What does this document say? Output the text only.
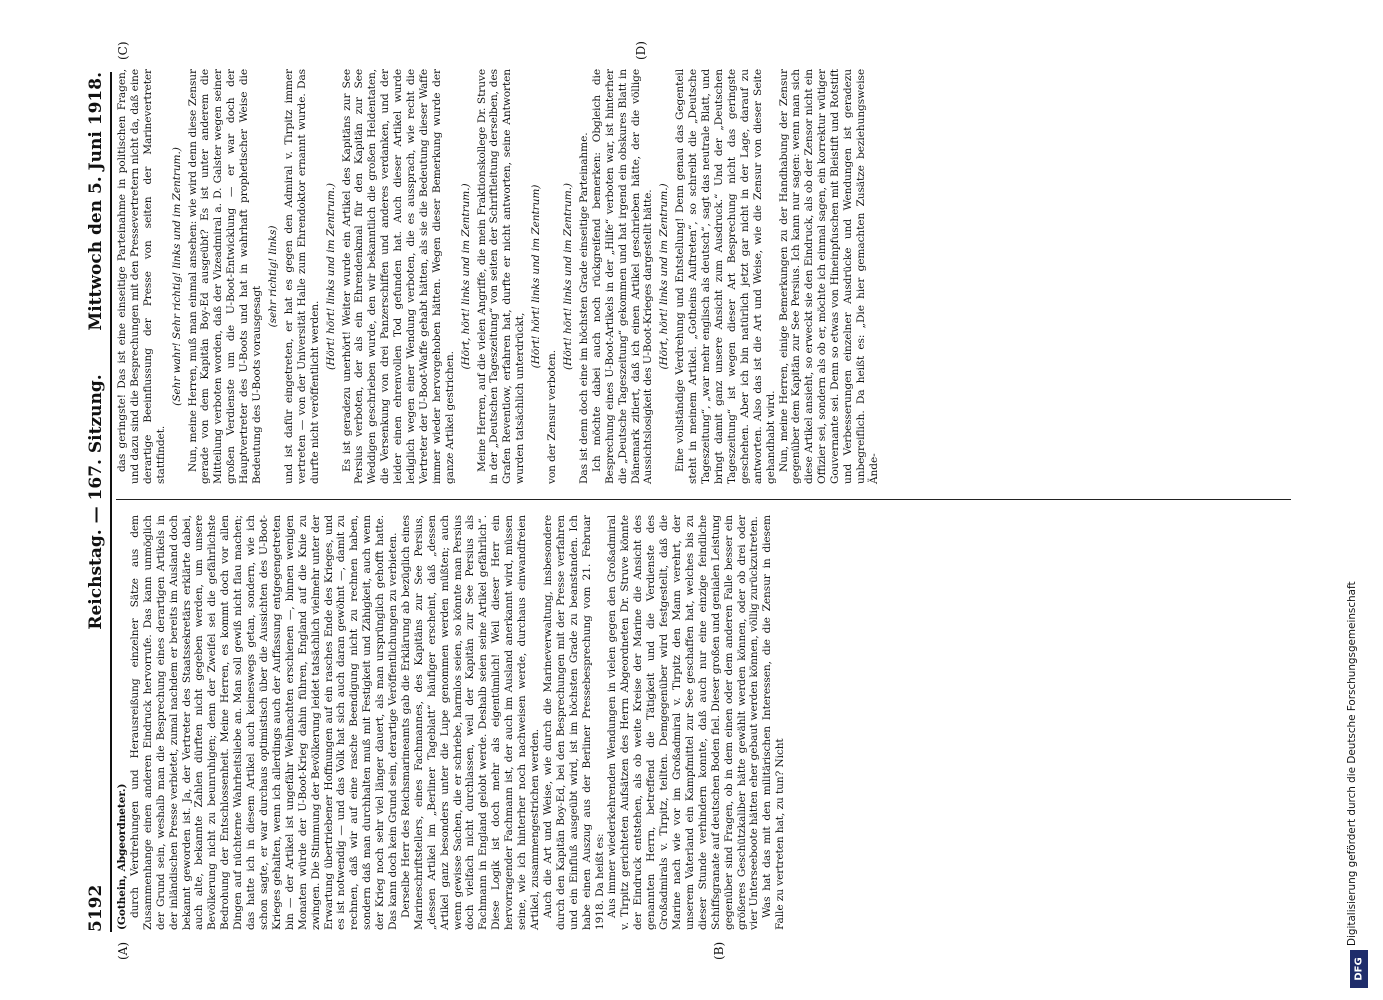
5192
Reichstag. — 167. Sitzung.
Mittwoch den 5. Juni 1918.
(A)	(B)
(C)	(D)

(Gothein, Abgeordneter.) durch Verdrehungen und Herausreißung einzelner Sätze aus dem Zusammenhange einen anderen Eindruck hervorrufe. Das kann unmöglich der Grund sein, weshalb man die Besprechung eines derartigen Artikels in der inländischen Presse verbietet, zumal nachdem er bereits im Ausland doch bekannt geworden ist. Ja, der Vertreter des Staatssekretärs erklärte dabei, auch alte, bekannte Zahlen dürften nicht gegeben werden, um unsere Bevölkerung nicht zu beunruhigen; denn der Zweifel sei die gefährlichste Bedrohung der Entschlossenheit. Meine Herren, es kommt doch vor allen Dingen auf nüchterne Wahrheitsliebe an. Man soll gewiß nicht flau machen; das hatte ich in diesem Artikel auch keineswegs getan, sondern, wie ich schon sagte, er war durchaus optimistisch über die Aussichten des U-Boot-Krieges gehalten, wenn ich allerdings auch der Auffassung entgegengetreten bin — der Artikel ist ungefähr Weihnachten erschienen —, binnen wenigen Monaten würde der U-Boot-Krieg dahin führen, England auf die Knie zu zwingen. Die Stimmung der Bevölkerung leidet tatsächlich vielmehr unter der Erwartung übertriebener Hoffnungen auf ein rasches Ende des Krieges, und es ist notwendig — und das Volk hat sich auch daran gewöhnt —, damit zu rechnen, daß wir auf eine rasche Beendigung nicht zu rechnen haben, sondern daß man durchhalten muß mit Festigkeit und Zähigkeit, auch wenn der Krieg noch sehr viel länger dauert, als man ursprünglich gehofft hatte. Das kann doch kein Grund sein, derartige Veröffentlichungen zu verbieten. Derselbe Herr des Reichsmarineamts gab die Erklärung ab bezüglich eines Marineschriftstellers, eines Fachmannes, des Kapitäns zur See Persius, „dessen Artikel im „Berliner Tageblatt“ häufiger erscheint, daß „dessen Artikel ganz besonders unter die Lupe genommen werden müßten; auch wenn gewisse Sachen, die er schriebe, harmlos seien, so könnte man Persius doch vielfach nicht durchlassen, weil der Kapitän zur See Persius als Fachmann in England gelobt werde. Deshalb seien seine Artikel gefährlich“. Diese Logik ist doch mehr als eigentümlich! Weil dieser Herr ein hervorragender Fachmann ist, der auch im Ausland anerkannt wird, müssen seine, wie ich hinterher noch nachweisen werde, durchaus einwandfreien Artikel, zusammengestrichen werden. Auch die Art und Weise, wie durch die Marineverwaltung, insbesondere durch den Kapitän Boy-Ed, bei den Besprechungen mit der Presse verfahren und ein Einfluß ausgeübt wird, ist im höchsten Grade zu beanstanden. Ich habe einen Auszug aus der Berliner Pressebesprechung vom 21. Februar 1918. Da heißt es: Aus immer wiederkehrenden Wendungen in vielen gegen den Großadmiral v. Tirpitz gerichteten Aufsätzen des Herrn Abgeordneten Dr. Struve könnte der Eindruck entstehen, als ob weite Kreise der Marine die Ansicht des genannten Herrn, betreffend die Tätigkeit und die Verdienste des Großadmirals v. Tirpitz, teilten. Demgegenüber wird festgestellt, daß die Marine nach wie vor im Großadmiral v. Tirpitz den Mann verehrt, der unserem Vaterland ein Kampfmittel zur See geschaffen hat, welches bis zu dieser Stunde verhindern konnte, daß auch nur eine einzige feindliche Schiffsgranate auf deutschen Boden fiel. Dieser großen und genialen Leistung gegenüber sind Fragen, ob in dem einen oder dem anderen Falle besser ein größeres Geschützkaliber hätte gewählt werden können, oder ob drei oder vier Unterseeboote hätten eher gebaut werden können, völlig zurückzutreten. Was hat das mit den militärischen Interessen, die die Zensur in diesem Falle zu vertreten hat, zu tun? Nicht

das geringste! Das ist eine einseitige Parteinahme in politischen Fragen, und dazu sind die Besprechungen mit den Pressevertretern nicht da, daß eine derartige Beeinflussung der Presse von seiten der Marinevertreter stattfindet.

(Sehr wahr! Sehr richtig! links und im Zentrum.) Nun, meine Herren, muß man einmal ansehen: wie wird denn diese Zensur gerade von dem Kapitän Boy-Ed ausgeübt? Es ist unter anderem die Mitteilung verboten worden, daß der Vizeadmiral a. D. Galster wegen seiner großen Verdienste um die U-Boot-Entwicklung — er war doch der Hauptvertreter des U-Boots und hat in wahrhaft prophetischer Weise die Bedeutung des U-Boots vorausgesagt

(sehr richtig! links) und ist dafür eingetreten, er hat es gegen den Admiral v. Tirpitz immer vertreten — von der Universität Halle zum Ehrendoktor ernannt wurde. Das durfte nicht veröffentlicht werden.

(Hört! hört! links und im Zentrum.) Es ist geradezu unerhört! Weiter wurde ein Artikel des Kapitäns zur See Persius verboten, der als ein Ehrendenkmal für den Kapitän zur See Weddigen geschrieben wurde, den wir bekanntlich die großen Heldentaten, die Versenkung von drei Panzerschiffen und anderes verdanken, und der leider einen ehrenvollen Tod gefunden hat. Auch dieser Artikel wurde lediglich wegen einer Wendung verboten, die es aussprach, wie recht die Vertreter der U-Boot-Waffe gehabt hätten, als sie die Bedeutung dieser Waffe immer wieder hervorgehoben hätten. Wegen dieser Bemerkung wurde der ganze Artikel gestrichen.

(Hört, hört! links und im Zentrum.) Meine Herren, auf die vielen Angriffe, die mein Fraktionskollege Dr. Struve in der „Deutschen Tageszeitung“ von seiten der Schriftleitung derselben, des Grafen Reventlow, erfahren hat, durfte er nicht antworten, seine Antworten wurden tatsächlich unterdrückt,

(Hört! hört! links und im Zentrum)

von der Zensur verboten.

(Hört! hört! links und im Zentrum.) Das ist denn doch eine im höchsten Grade einseitige Parteinahme. Ich möchte dabei auch noch rückgreifend bemerken: Obgleich die Besprechung eines U-Boot-Artikels in der „Hilfe“ verboten war, ist hinterher die „Deutsche Tageszeitung“ gekommen und hat irgend ein obskures Blatt in Dänemark zitiert, daß ich einen Artikel geschrieben hätte, der die völlige Aussichtslosigkeit des U-Boot-Krieges dargestellt hätte. (Hört, hört! links und im Zentrum.) Eine vollständige Verdrehung und Entstellung! Denn genau das Gegenteil steht in meinem Artikel. „Gotheins Auftreten“, so schreibt die „Deutsche Tageszeitung“, „war mehr englisch als deutsch“, sagt das neutrale Blatt, und bringt damit ganz unsere Ansicht zum Ausdruck.“ Und der „Deutschen Tageszeitung“ ist wegen dieser Art Besprechung nicht das geringste geschehen. Aber ich bin natürlich jetzt gar nicht in der Lage, darauf zu antworten. Also das ist die Art und Weise, wie die Zensur von dieser Seite gehandhabt wird. Nun, meine Herren, einige Bemerkungen zu der Handhabung der Zensur gegenüber dem Kapitän zur See Persius. Ich kann nur sagen: wenn man sich diese Artikel ansieht, so erweckt sie den Eindruck, als ob der Zensor nicht ein Offizier sei, sondern als ob er, möchte ich einmal sagen, ein korrektur wütiger Gouvernante sei. Denn so etwas von Hineinpfuschen mit Bleistift und Rotstift und Verbesserungen einzelner Ausdrücke und Wendungen ist geradezu unbegreiflich. Da heißt es: „Die hier gemachten Zusätze beziehungsweise Ände-

Digitalisierung gefördert durch die Deutsche Forschungsgemeinschaft
DFG
